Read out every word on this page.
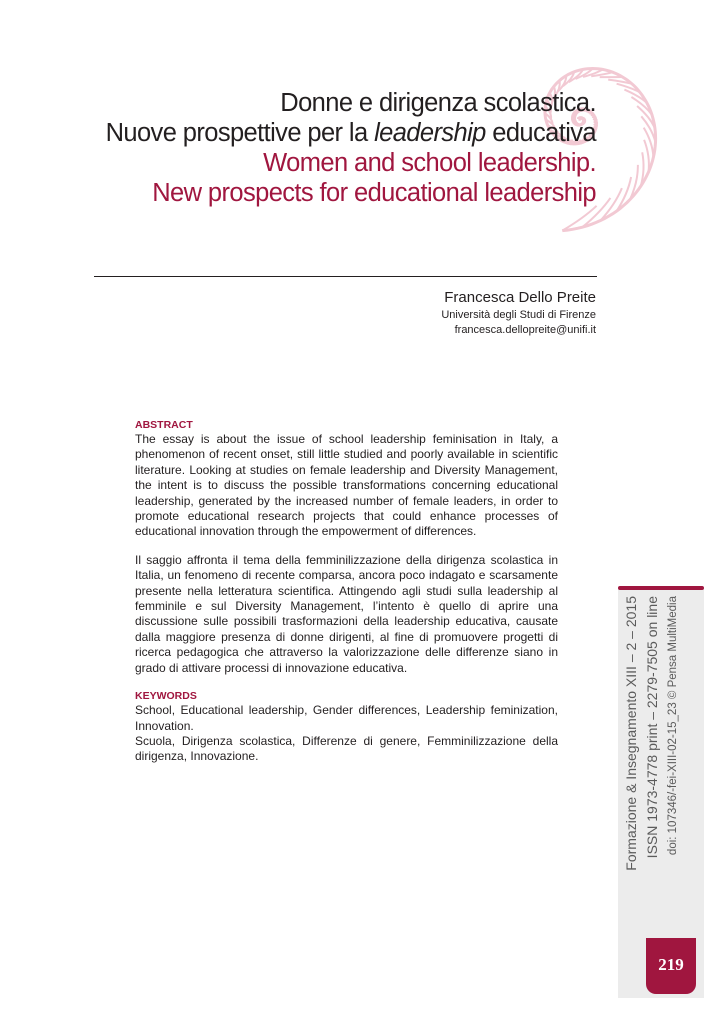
Donne e dirigenza scolastica.
Nuove prospettive per la leadership educativa
Women and school leadership.
New prospects for educational leadership
Francesca Dello Preite
Università degli Studi di Firenze
francesca.dellopreite@unifi.it
ABSTRACT

The essay is about the issue of school leadership feminisation in Italy, a phenomenon of recent onset, still little studied and poorly available in scientific literature. Looking at studies on female leadership and Diversity Management, the intent is to discuss the possible transformations concerning educational leadership, generated by the increased number of female leaders, in order to promote educational research projects that could enhance processes of educational innovation through the empowerment of differences.

Il saggio affronta il tema della femminilizzazione della dirigenza scolastica in Italia, un fenomeno di recente comparsa, ancora poco indagato e scarsamente presente nella letteratura scientifica. Attingendo agli studi sulla leadership al femminile e sul Diversity Management, l’intento è quello di aprire una discussione sulle possibili trasformazioni della leadership educativa, causate dalla maggiore presenza di donne dirigenti, al fine di promuovere progetti di ricerca pedagogica che attraverso la valorizzazione delle differenze siano in grado di attivare processi di innovazione educativa.

KEYWORDS

School, Educational leadership, Gender differences, Leadership feminization, Innovation.

Scuola, Dirigenza scolastica, Differenze di genere, Femminilizzazione della dirigenza, Innovazione.	Formazione & Insegnamento XIII – 2 – 2015 ISSN 1973-4778 print – 2279-7505 on line doi: 107346/-fei-XIII-02-15_23 © Pensa MultiMedia
219
